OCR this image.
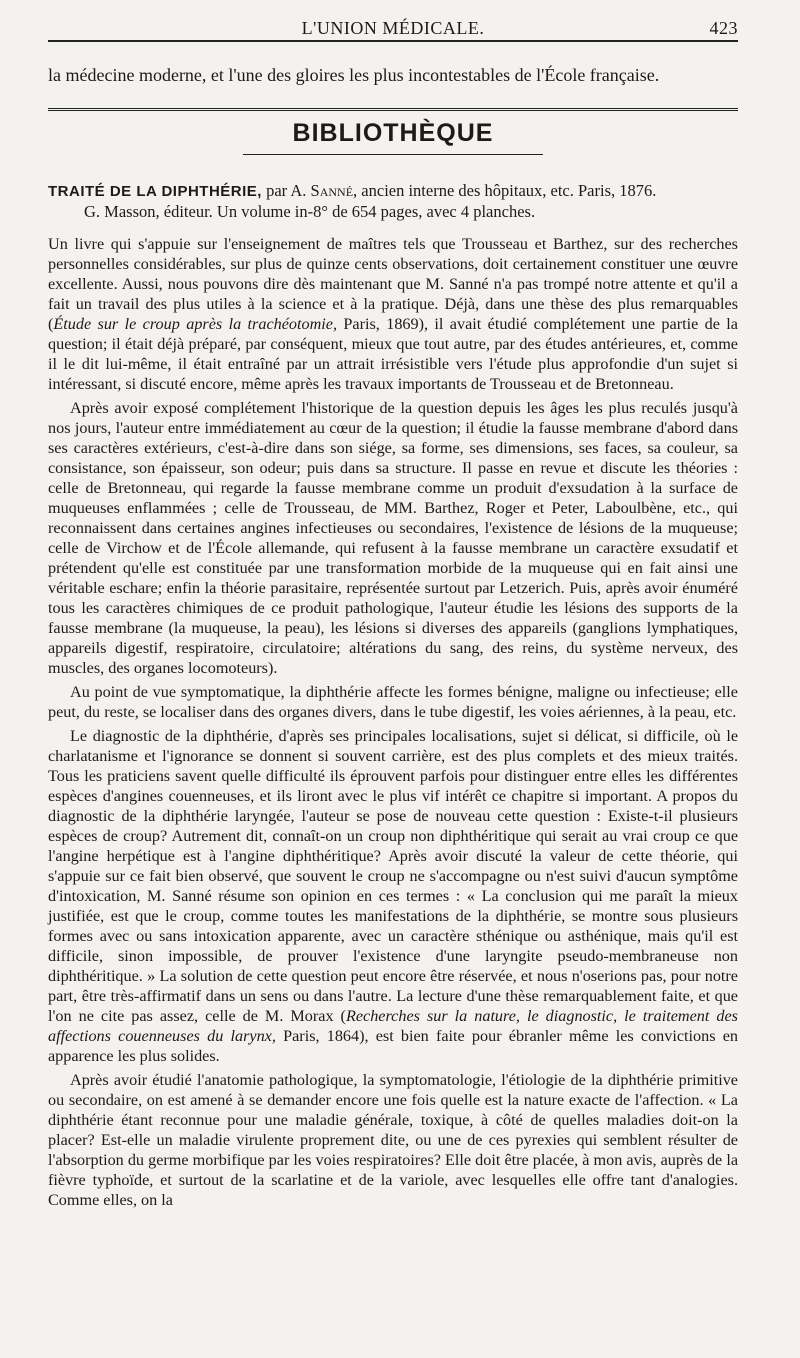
L'UNION MÉDICALE.	423

la médecine moderne, et l'une des gloires les plus incontestables de l'École française.

BIBLIOTHÈQUE
TRAITÉ DE LA DIPHTHÉRIE, par A. Sanné, ancien interne des hôpitaux, etc. Paris, 1876.
G. Masson, éditeur. Un volume in-8° de 654 pages, avec 4 planches.

Un livre qui s'appuie sur l'enseignement de maîtres tels que Trousseau et Barthez, sur des recherches personnelles considérables, sur plus de quinze cents observations, doit certainement constituer une œuvre excellente. Aussi, nous pouvons dire dès maintenant que M. Sanné n'a pas trompé notre attente et qu'il a fait un travail des plus utiles à la science et à la pratique. Déjà, dans une thèse des plus remarquables (Étude sur le croup après la trachéotomie, Paris, 1869), il avait étudié complétement une partie de la question; il était déjà préparé, par conséquent, mieux que tout autre, par des études antérieures, et, comme il le dit lui-même, il était entraîné par un attrait irrésistible vers l'étude plus approfondie d'un sujet si intéressant, si discuté encore, même après les travaux importants de Trousseau et de Bretonneau.

Après avoir exposé complétement l'historique de la question depuis les âges les plus reculés jusqu'à nos jours, l'auteur entre immédiatement au cœur de la question; il étudie la fausse membrane d'abord dans ses caractères extérieurs, c'est-à-dire dans son siége, sa forme, ses dimensions, ses faces, sa couleur, sa consistance, son épaisseur, son odeur; puis dans sa structure. Il passe en revue et discute les théories : celle de Bretonneau, qui regarde la fausse membrane comme un produit d'exsudation à la surface de muqueuses enflammées ; celle de Trousseau, de MM. Barthez, Roger et Peter, Laboulbène, etc., qui reconnaissent dans certaines angines infectieuses ou secondaires, l'existence de lésions de la muqueuse; celle de Virchow et de l'École allemande, qui refusent à la fausse membrane un caractère exsudatif et prétendent qu'elle est constituée par une transformation morbide de la muqueuse qui en fait ainsi une véritable eschare; enfin la théorie parasitaire, représentée surtout par Letzerich. Puis, après avoir énuméré tous les caractères chimiques de ce produit pathologique, l'auteur étudie les lésions des supports de la fausse membrane (la muqueuse, la peau), les lésions si diverses des appareils (ganglions lymphatiques, appareils digestif, respiratoire, circulatoire; altérations du sang, des reins, du système nerveux, des muscles, des organes locomoteurs).

Au point de vue symptomatique, la diphthérie affecte les formes bénigne, maligne ou infectieuse; elle peut, du reste, se localiser dans des organes divers, dans le tube digestif, les voies aériennes, à la peau, etc.

Le diagnostic de la diphthérie, d'après ses principales localisations, sujet si délicat, si difficile, où le charlatanisme et l'ignorance se donnent si souvent carrière, est des plus complets et des mieux traités. Tous les praticiens savent quelle difficulté ils éprouvent parfois pour distinguer entre elles les différentes espèces d'angines couenneuses, et ils liront avec le plus vif intérêt ce chapitre si important. A propos du diagnostic de la diphthérie laryngée, l'auteur se pose de nouveau cette question : Existe-t-il plusieurs espèces de croup? Autrement dit, connaît-on un croup non diphthéritique qui serait au vrai croup ce que l'angine herpétique est à l'angine diphthéritique? Après avoir discuté la valeur de cette théorie, qui s'appuie sur ce fait bien observé, que souvent le croup ne s'accompagne ou n'est suivi d'aucun symptôme d'intoxication, M. Sanné résume son opinion en ces termes : « La conclusion qui me paraît la mieux justifiée, est que le croup, comme toutes les manifestations de la diphthérie, se montre sous plusieurs formes avec ou sans intoxication apparente, avec un caractère sthénique ou asthénique, mais qu'il est difficile, sinon impossible, de prouver l'existence d'une laryngite pseudo-membraneuse non diphthéritique. » La solution de cette question peut encore être réservée, et nous n'oserions pas, pour notre part, être très-affirmatif dans un sens ou dans l'autre. La lecture d'une thèse remarquablement faite, et que l'on ne cite pas assez, celle de M. Morax (Recherches sur la nature, le diagnostic, le traitement des affections couenneuses du larynx, Paris, 1864), est bien faite pour ébranler même les convictions en apparence les plus solides.

Après avoir étudié l'anatomie pathologique, la symptomatologie, l'étiologie de la diphthérie primitive ou secondaire, on est amené à se demander encore une fois quelle est la nature exacte de l'affection. « La diphthérie étant reconnue pour une maladie générale, toxique, à côté de quelles maladies doit-on la placer? Est-elle un maladie virulente proprement dite, ou une de ces pyrexies qui semblent résulter de l'absorption du germe morbifique par les voies respiratoires? Elle doit être placée, à mon avis, auprès de la fièvre typhoïde, et surtout de la scarlatine et de la variole, avec lesquelles elle offre tant d'analogies. Comme elles, on la
